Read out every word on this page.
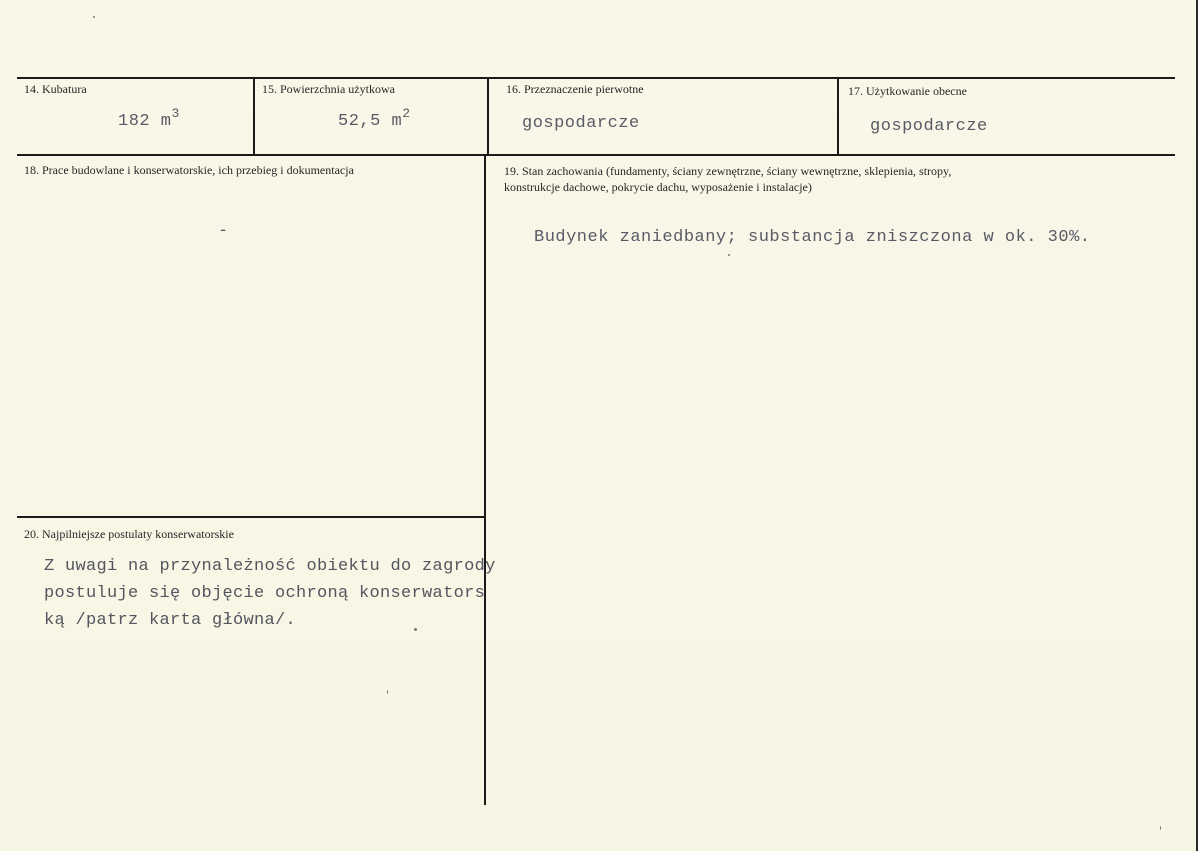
14. Kubatura
182 $m^3$
15. Powierzchnia użytkowa
52,5 $m^2$
16. Przeznaczenie pierwotne
gospodarcze
17. Użytkowanie obecne
gospodarcze
18. Prace budowlane i konserwatorskie, ich przebieg i dokumentacja
-
19. Stan zachowania (fundamenty, ściany zewnętrzne, ściany wewnętrzne, sklepienia, stropy,
konstrukcje dachowe, pokrycie dachu, wyposażenie i instalacje)
Budynek zaniedbany; substancja zniszczona w ok. 30%.
20. Najpilniejsze postulaty konserwatorskie
Z uwagi na przynależność obiektu do zagrody
postuluje się objęcie ochroną konserwators
ką /patrz karta główna/.
